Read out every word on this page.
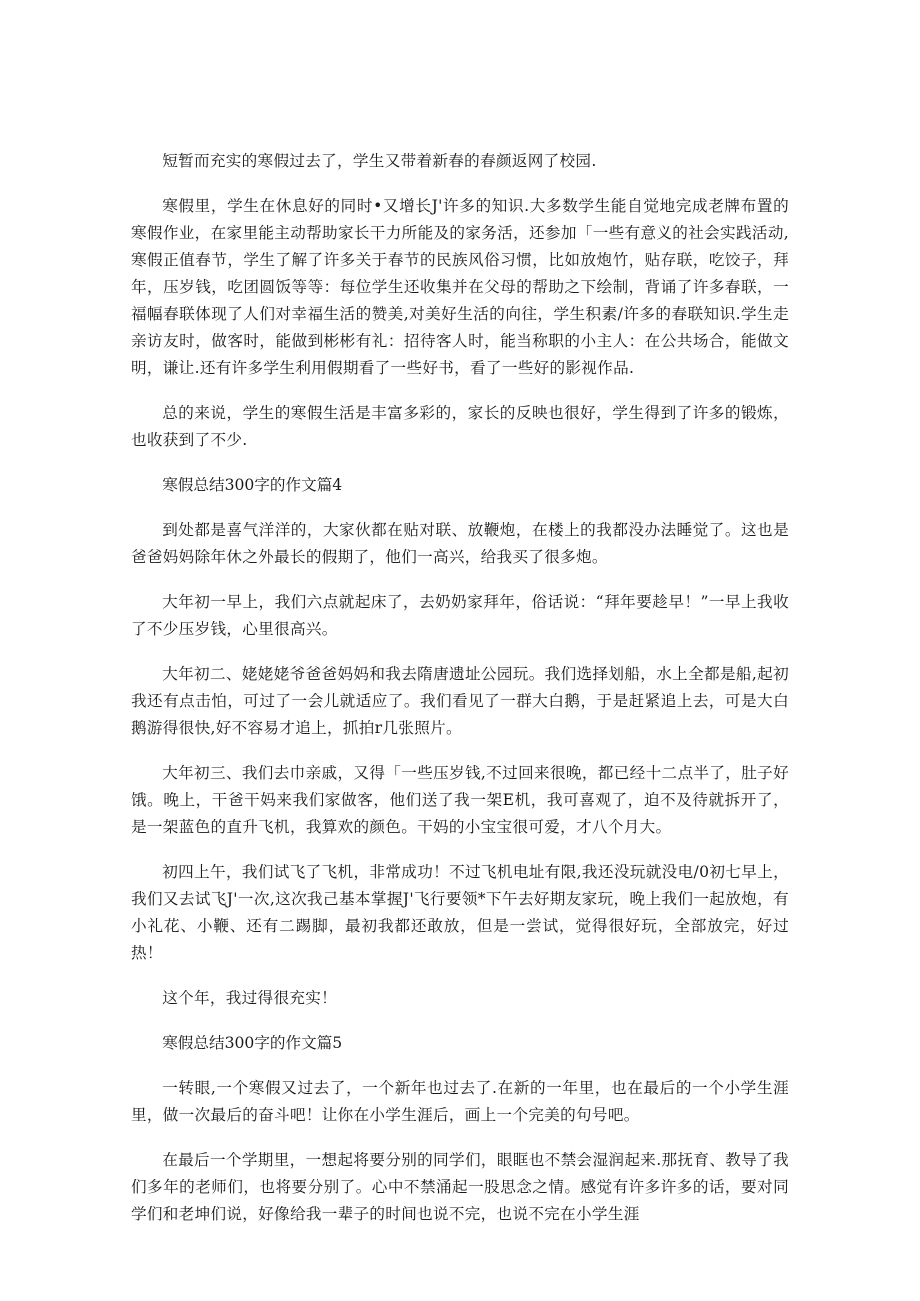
短暂而充实的寒假过去了，学生又带着新春的春颜返网了校园.

寒假里，学生在休息好的同时•又增长J'许多的知识.大多数学生能自觉地完成老牌布置的寒假作业，在家里能主动帮助家长干力所能及的家务活，还参加「一些有意义的社会实践活动,寒假正值春节，学生了解了许多关于春节的民族风俗习惯，比如放炮竹，贴存联，吃饺子，拜年，压岁钱，吃团圆饭等等：每位学生还收集并在父母的帮助之下绘制，背诵了许多春联，一福幅春联体现了人们对幸福生活的赞美,对美好生活的向往，学生积素/许多的春联知识.学生走亲访友时，做客时，能做到彬彬有礼：招待客人时，能当称职的小主人：在公共场合，能做文明，谦让.还有许多学生利用假期看了一些好书，看了一些好的影视作品.

总的来说，学生的寒假生活是丰富多彩的，家长的反映也很好，学生得到了许多的锻炼，也收获到了不少.

寒假总结300字的作文篇4

到处都是喜气洋洋的，大家伙都在贴对联、放鞭炮，在楼上的我都没办法睡觉了。这也是爸爸妈妈除年休之外最长的假期了，他们一高兴，给我买了很多炮。

大年初一早上，我们六点就起床了，去奶奶家拜年，俗话说：“拜年要趁早！”一早上我收了不少压岁钱，心里很高兴。

大年初二、姥姥姥爷爸爸妈妈和我去隋唐遗址公园玩。我们选择划船，水上全都是船,起初我还有点击怕，可过了一会儿就适应了。我们看见了一群大白鹅，于是赶紧追上去，可是大白鹅游得很快,好不容易才追上，抓拍r几张照片。

大年初三、我们去巾亲戚，又得「一些压岁钱,不过回来很晚，都已经十二点半了，肚子好饿。晚上，干爸干妈来我们家做客，他们送了我一架E机，我可喜观了，迫不及待就拆开了，是一架蓝色的直升飞机，我算欢的颜色。干妈的小宝宝很可爱，才八个月大。

初四上午，我们试飞了飞机，非常成功！不过飞机电址有限,我还没玩就没电/0初七早上，我们又去试飞J'一次,这次我己基本掌握J'飞行要领*下午去好期友家玩，晚上我们一起放炮，有小礼花、小鞭、还有二踢脚，最初我都还敢放，但是一尝试，觉得很好玩，全部放完，好过热！

这个年，我过得很充实！

寒假总结300字的作文篇5

一转眼,一个寒假又过去了，一个新年也过去了.在新的一年里，也在最后的一个小学生涯里，做一次最后的奋斗吧！让你在小学生涯后，画上一个完美的句号吧。

在最后一个学期里，一想起将要分别的同学们，眼眶也不禁会湿润起来.那抚育、教导了我们多年的老师们，也将要分别了。心中不禁涌起一股思念之情。感觉有许多许多的话，要对同学们和老坤们说，好像给我一辈子的时间也说不完，也说不完在小学生涯
